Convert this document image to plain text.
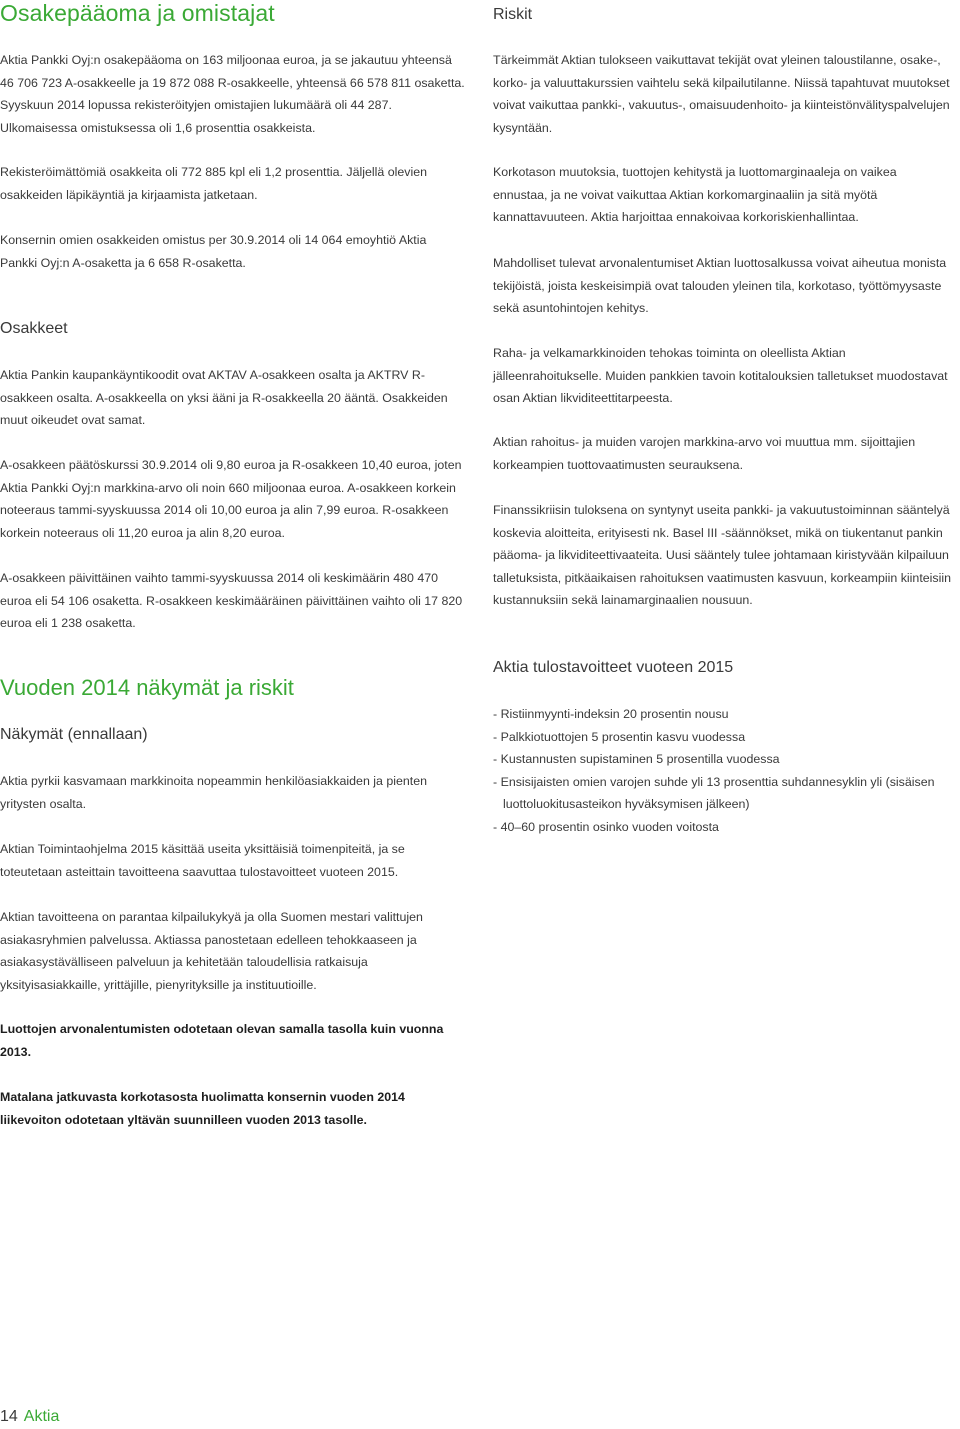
Osakepääoma ja omistajat

Aktia Pankki Oyj:n osakepääoma on 163 miljoonaa euroa, ja se jakautuu yhteensä 46 706 723 A-osakkeelle ja 19 872 088 R-osakkeelle, yhteensä 66 578 811 osaketta. Syyskuun 2014 lopussa rekisteröityjen omistajien lukumäärä oli 44 287. Ulkomaisessa omistuksessa oli 1,6 prosenttia osakkeista.

Rekisteröimättömiä osakkeita oli 772 885 kpl eli 1,2 prosenttia. Jäljellä olevien osakkeiden läpikäyntiä ja kirjaamista jatketaan.

Konsernin omien osakkeiden omistus per 30.9.2014 oli 14 064 emoyhtiö Aktia Pankki Oyj:n A-osaketta ja 6 658 R-osaketta.

Osakkeet

Aktia Pankin kaupankäyntikoodit ovat AKTAV A-osakkeen osalta ja AKTRV R-osakkeen osalta. A-osakkeella on yksi ääni ja R-osakkeella 20 ääntä. Osakkeiden muut oikeudet ovat samat.

A-osakkeen päätöskurssi 30.9.2014 oli 9,80 euroa ja R-osakkeen 10,40 euroa, joten Aktia Pankki Oyj:n markkina-arvo oli noin 660 miljoonaa euroa. A-osakkeen korkein noteeraus tammi-syyskuussa 2014 oli 10,00 euroa ja alin 7,99 euroa. R-osakkeen korkein noteeraus oli 11,20 euroa ja alin 8,20 euroa.

A-osakkeen päivittäinen vaihto tammi-syyskuussa 2014 oli keskimäärin 480 470 euroa eli 54 106 osaketta. R-osakkeen keskimääräinen päivittäinen vaihto oli 17 820 euroa eli 1 238 osaketta.

Vuoden 2014 näkymät ja riskit
Näkymät (ennallaan)

Aktia pyrkii kasvamaan markkinoita nopeammin henkilöasiakkaiden ja pienten yritysten osalta.

Aktian Toimintaohjelma 2015 käsittää useita yksittäisiä toimenpiteitä, ja se toteutetaan asteittain tavoitteena saavuttaa tulostavoitteet vuoteen 2015.

Aktian tavoitteena on parantaa kilpailukykyä ja olla Suomen mestari valittujen asiakasryhmien palvelussa. Aktiassa panostetaan edelleen tehokkaaseen ja asiakasystävälliseen palveluun ja kehitetään taloudellisia ratkaisuja yksityisasiakkaille, yrittäjille, pienyrityksille ja instituutioille.

Luottojen arvonalentumisten odotetaan olevan samalla tasolla kuin vuonna 2013.

Matalana jatkuvasta korkotasosta huolimatta konsernin vuoden 2014 liikevoiton odotetaan yltävän suunnilleen vuoden 2013 tasolle.

Riskit

Tärkeimmät Aktian tulokseen vaikuttavat tekijät ovat yleinen taloustilanne, osake-, korko- ja valuuttakurssien vaihtelu sekä kilpailutilanne. Niissä tapahtuvat muutokset voivat vaikuttaa pankki-, vakuutus-, omaisuudenhoito- ja kiinteistönvälityspalvelujen kysyntään.

Korkotason muutoksia, tuottojen kehitystä ja luottomarginaaleja on vaikea ennustaa, ja ne voivat vaikuttaa Aktian korkomarginaaliin ja sitä myötä kannattavuuteen. Aktia harjoittaa ennakoivaa korkoriskienhallintaa.

Mahdolliset tulevat arvonalentumiset Aktian luottosalkussa voivat aiheutua monista tekijöistä, joista keskeisimpiä ovat talouden yleinen tila, korkotaso, työttömyysaste sekä asuntohintojen kehitys.

Raha- ja velkamarkkinoiden tehokas toiminta on oleellista Aktian jälleenrahoitukselle. Muiden pankkien tavoin kotitalouksien talletukset muodostavat osan Aktian likviditeettitarpeesta.

Aktian rahoitus- ja muiden varojen markkina-arvo voi muuttua mm. sijoittajien korkeampien tuottovaatimusten seurauksena.

Finanssikriisin tuloksena on syntynyt useita pankki- ja vakuutustoiminnan sääntelyä koskevia aloitteita, erityisesti nk. Basel III -säännökset, mikä on tiukentanut pankin pääoma- ja likviditeettivaateita. Uusi sääntely tulee johtamaan kiristyvään kilpailuun talletuksista, pitkäaikaisen rahoituksen vaatimusten kasvuun, korkeampiin kiinteisiin kustannuksiin sekä lainamarginaalien nousuun.

Aktia tulostavoitteet vuoteen 2015
- Ristiinmyynti-indeksin 20 prosentin nousu
- Palkkiotuottojen 5 prosentin kasvu vuodessa
- Kustannusten supistaminen 5 prosentilla vuodessa
- Ensisijaisten omien varojen suhde yli 13 prosenttia suhdannesyklin yli (sisäisen luottoluokitusasteikon hyväksymisen jälkeen)
- 40–60 prosentin osinko vuoden voitosta
14 Aktia
